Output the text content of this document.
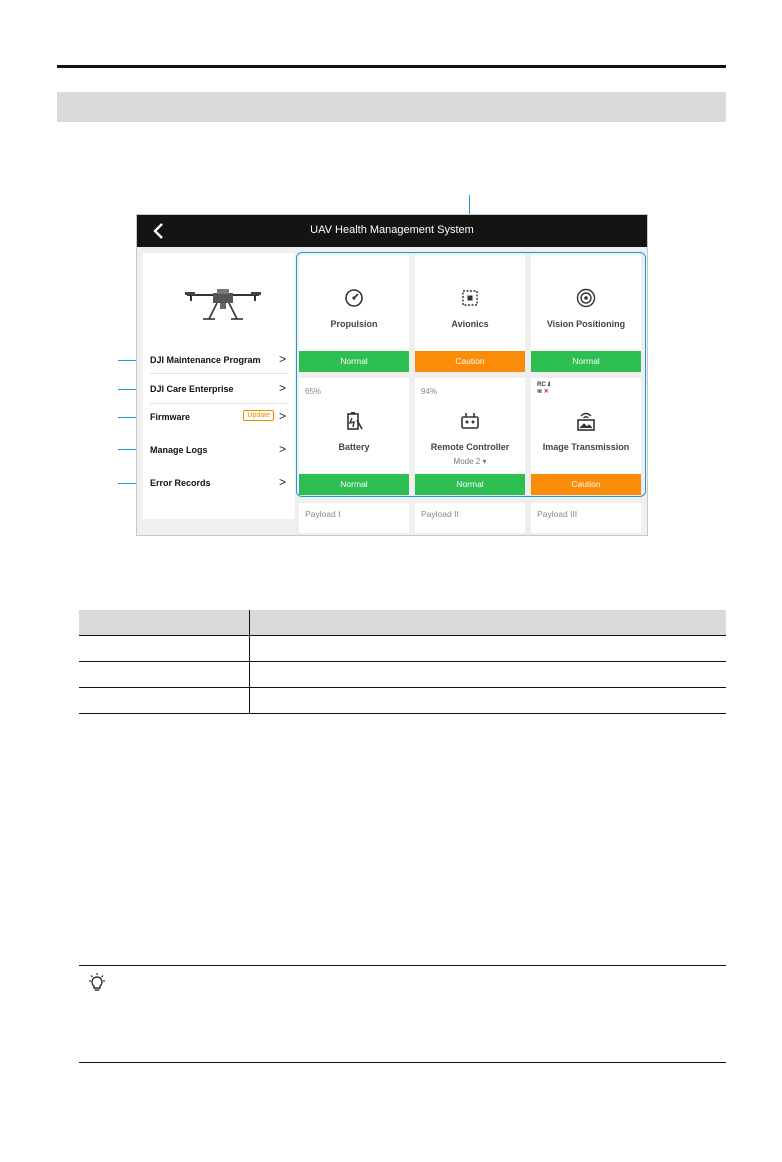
UAV Health Management System
DJI Maintenance Program >
DJI Care Enterprise	>
Firmware	Update >
Manage Logs	>
Error Records	>
Propulsion
Normal
Avionics
Caution
Vision Positioning
Normal
65%
Battery
Normal
94%
Remote Controller
Mode 2 ▾
Normal
RC .ıl
≋ ✕
Image Transmission
Caution
Payload I	Payload II	Payload III
